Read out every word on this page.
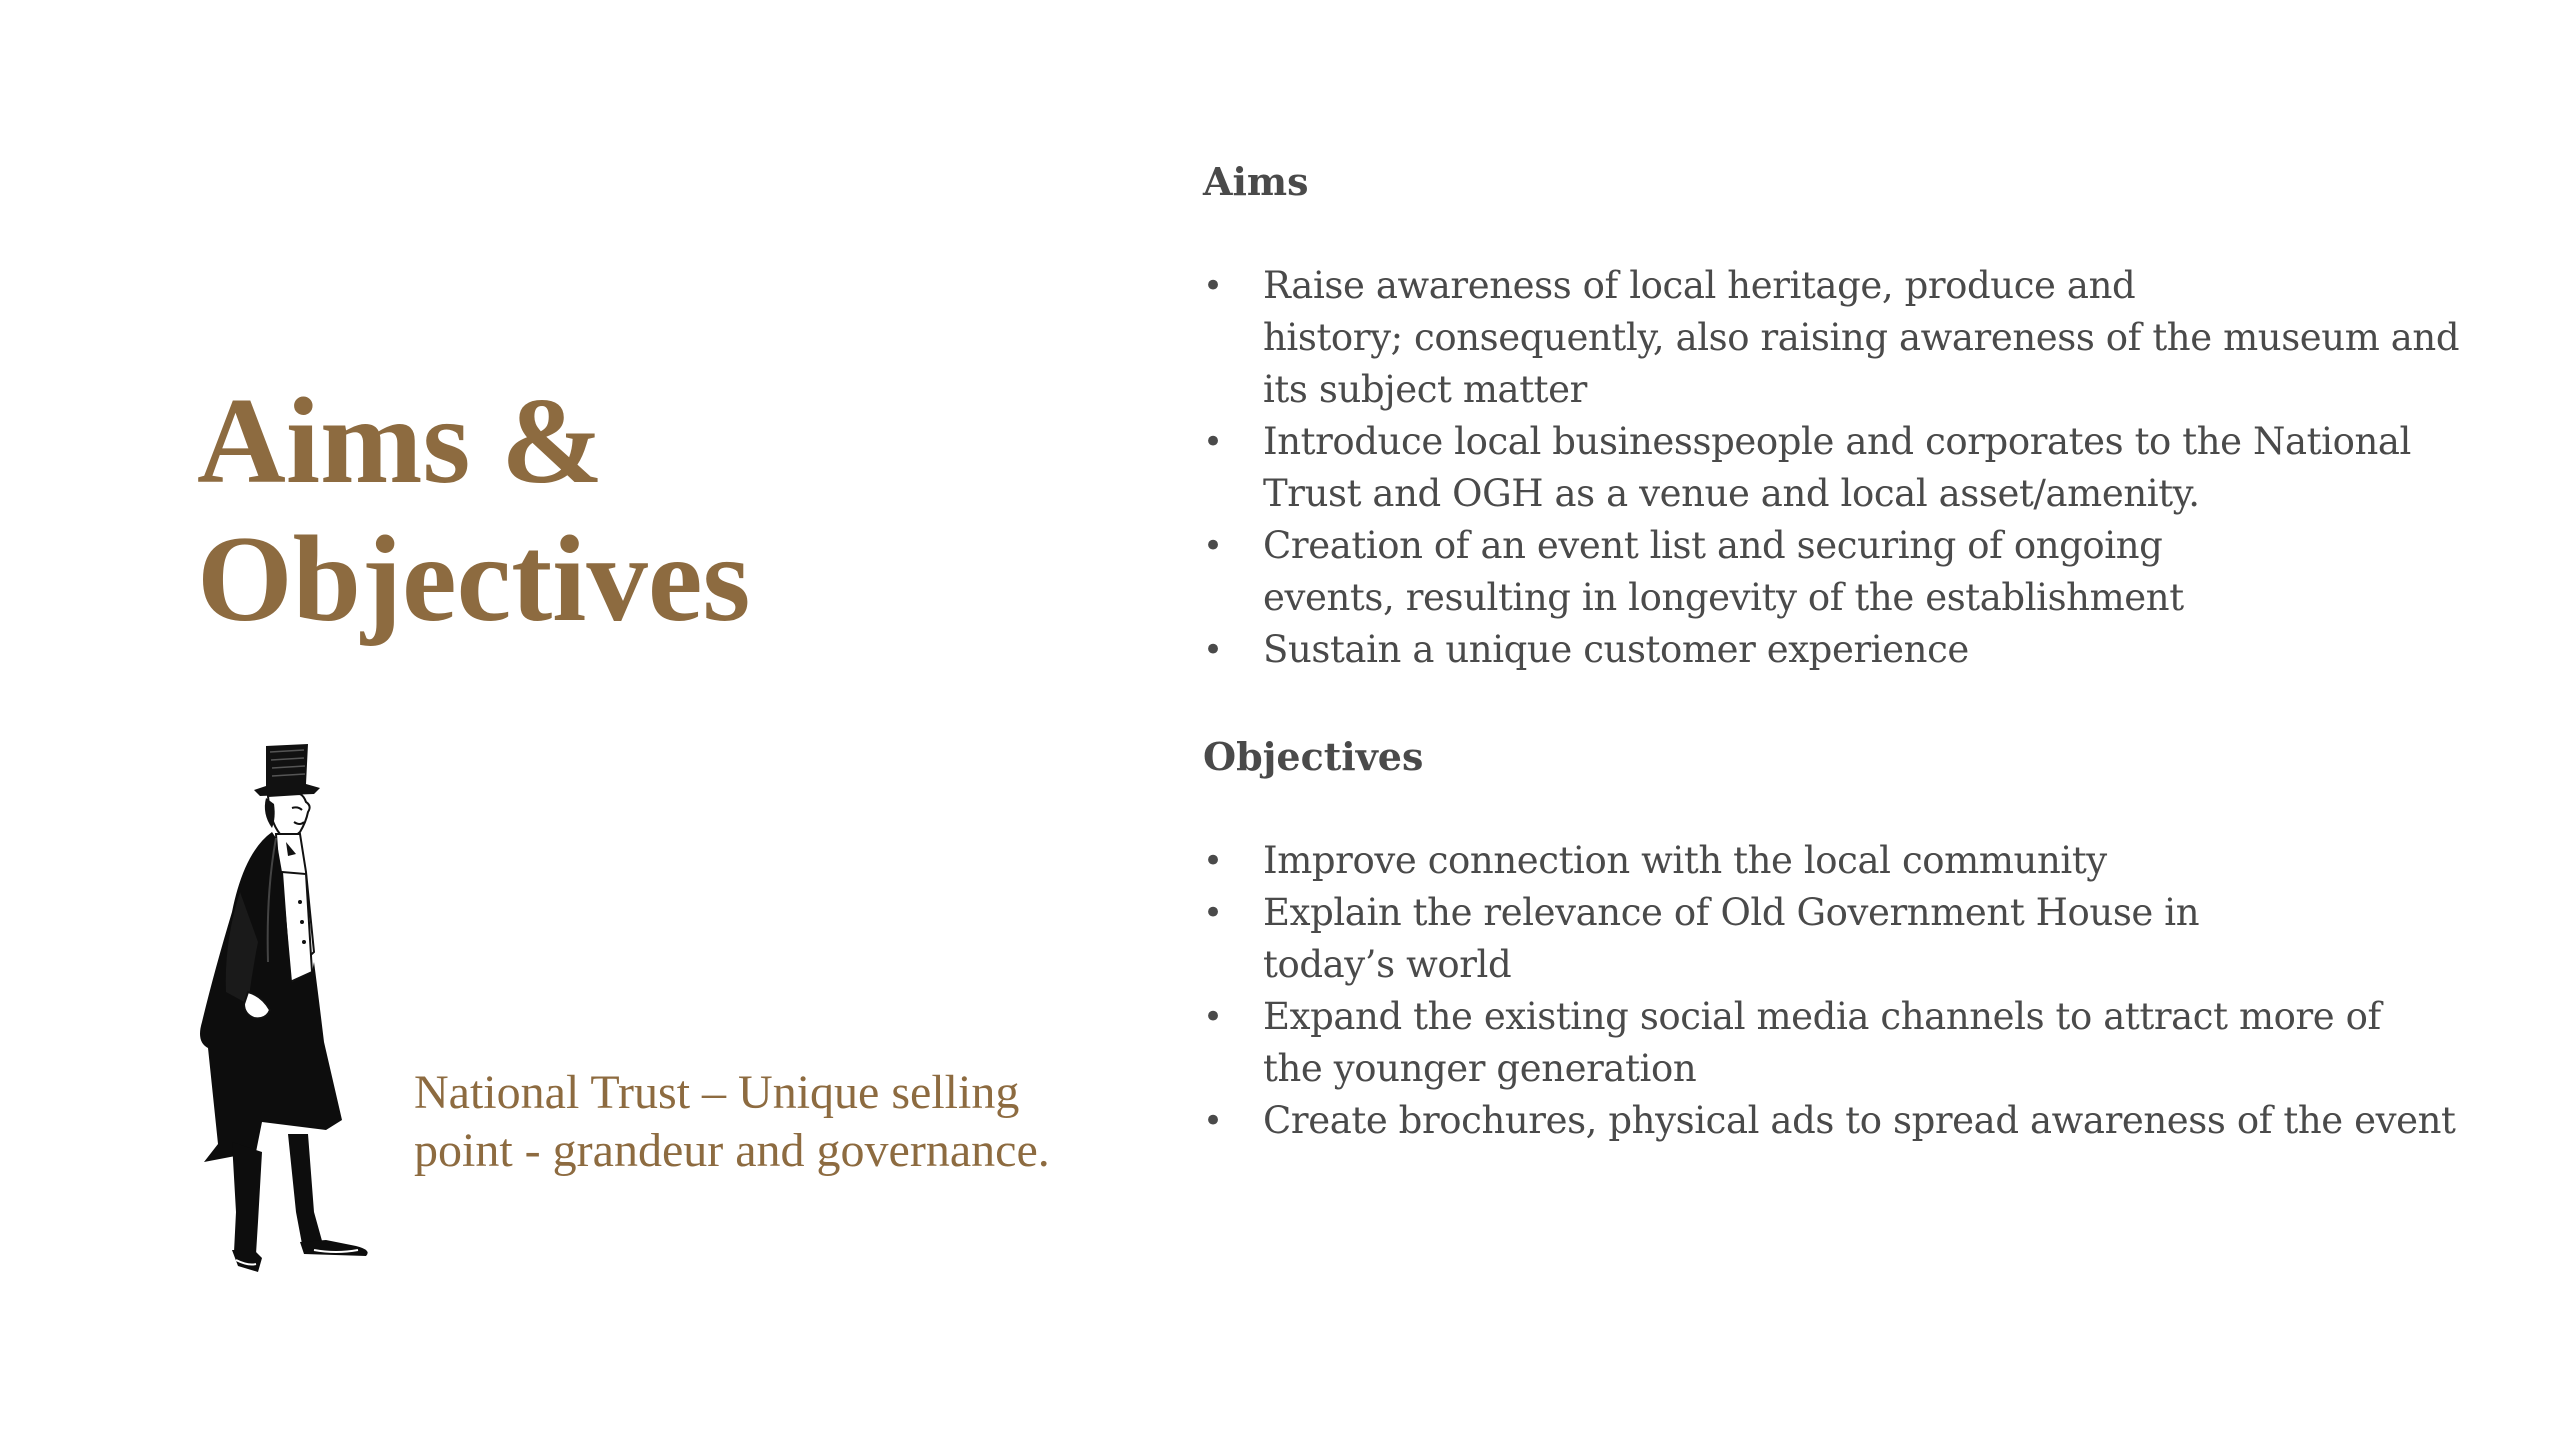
Aims &
Objectives

National Trust – Unique selling
point - grandeur and governance.

Aims
• Raise awareness of local heritage, produce and
history; consequently, also raising awareness of the museum and
its subject matter
• Introduce local businesspeople and corporates to the National
Trust and OGH as a venue and local asset/amenity.
• Creation of an event list and securing of ongoing
events, resulting in longevity of the establishment
• Sustain a unique customer experience
Objectives
• Improve connection with the local community
• Explain the relevance of Old Government House in
today’s world
• Expand the existing social media channels to attract more of
the younger generation
• Create brochures, physical ads to spread awareness of the event
